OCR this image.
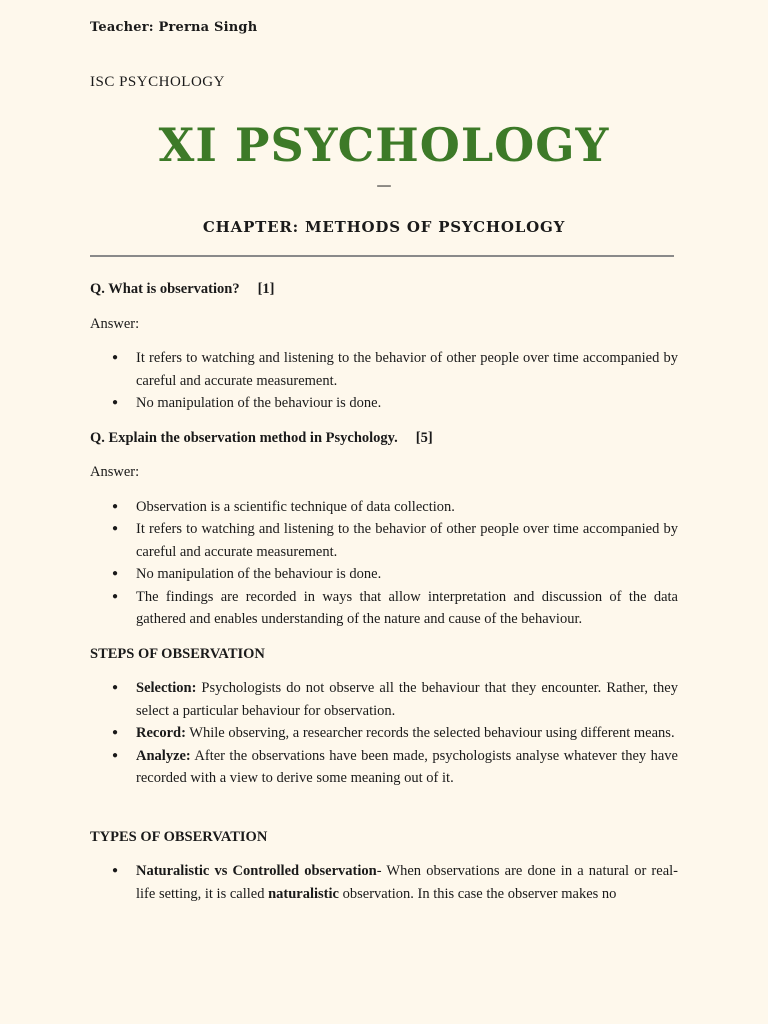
Teacher: Prerna Singh
ISC PSYCHOLOGY
XI PSYCHOLOGY
—
CHAPTER: METHODS OF PSYCHOLOGY

Q. What is observation? [1]

Answer:

● It refers to watching and listening to the behavior of other people over time accompanied by careful and accurate measurement.
● No manipulation of the behaviour is done.

Q. Explain the observation method in Psychology. [5]

Answer:

● Observation is a scientific technique of data collection.
● It refers to watching and listening to the behavior of other people over time accompanied by careful and accurate measurement.
● No manipulation of the behaviour is done.
● The findings are recorded in ways that allow interpretation and discussion of the data gathered and enables understanding of the nature and cause of the behaviour.

STEPS OF OBSERVATION

● Selection: Psychologists do not observe all the behaviour that they encounter. Rather, they select a particular behaviour for observation.
● Record: While observing, a researcher records the selected behaviour using different means.
● Analyze: After the observations have been made, psychologists analyse whatever they have recorded with a view to derive some meaning out of it.

TYPES OF OBSERVATION

● Naturalistic vs Controlled observation- When observations are done in a natural or real-life setting, it is called naturalistic observation. In this case the observer makes no
